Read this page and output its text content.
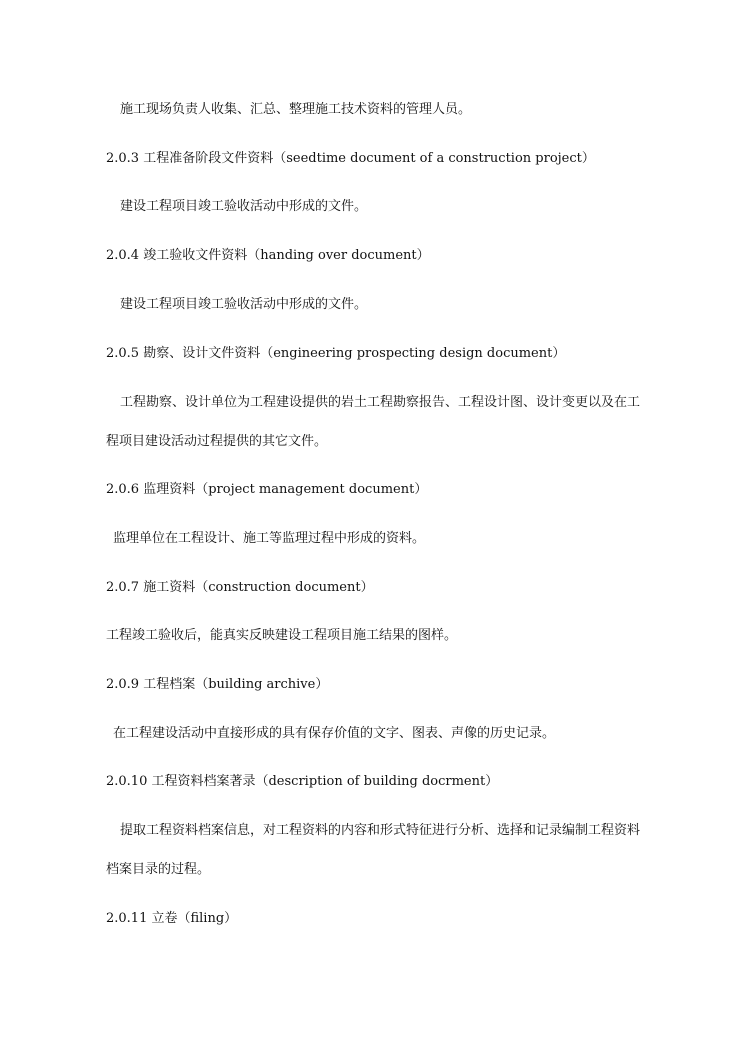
施工现场负责人收集、汇总、整理施工技术资料的管理人员。
2.0.3 工程准备阶段文件资料（seedtime document of a construction project）
建设工程项目竣工验收活动中形成的文件。
2.0.4 竣工验收文件资料（handing over document）
建设工程项目竣工验收活动中形成的文件。
2.0.5 勘察、设计文件资料（engineering prospecting design document）
工程勘察、设计单位为工程建设提供的岩土工程勘察报告、工程设计图、设计变更以及在工
程项目建设活动过程提供的其它文件。
2.0.6 监理资料（project management document）
监理单位在工程设计、施工等监理过程中形成的资料。
2.0.7 施工资料（construction document）
工程竣工验收后，能真实反映建设工程项目施工结果的图样。
2.0.9 工程档案（building archive）
在工程建设活动中直接形成的具有保存价值的文字、图表、声像的历史记录。
2.0.10 工程资料档案著录（description of building docrment）
提取工程资料档案信息，对工程资料的内容和形式特征进行分析、选择和记录编制工程资料
档案目录的过程。
2.0.11 立卷（filing）
